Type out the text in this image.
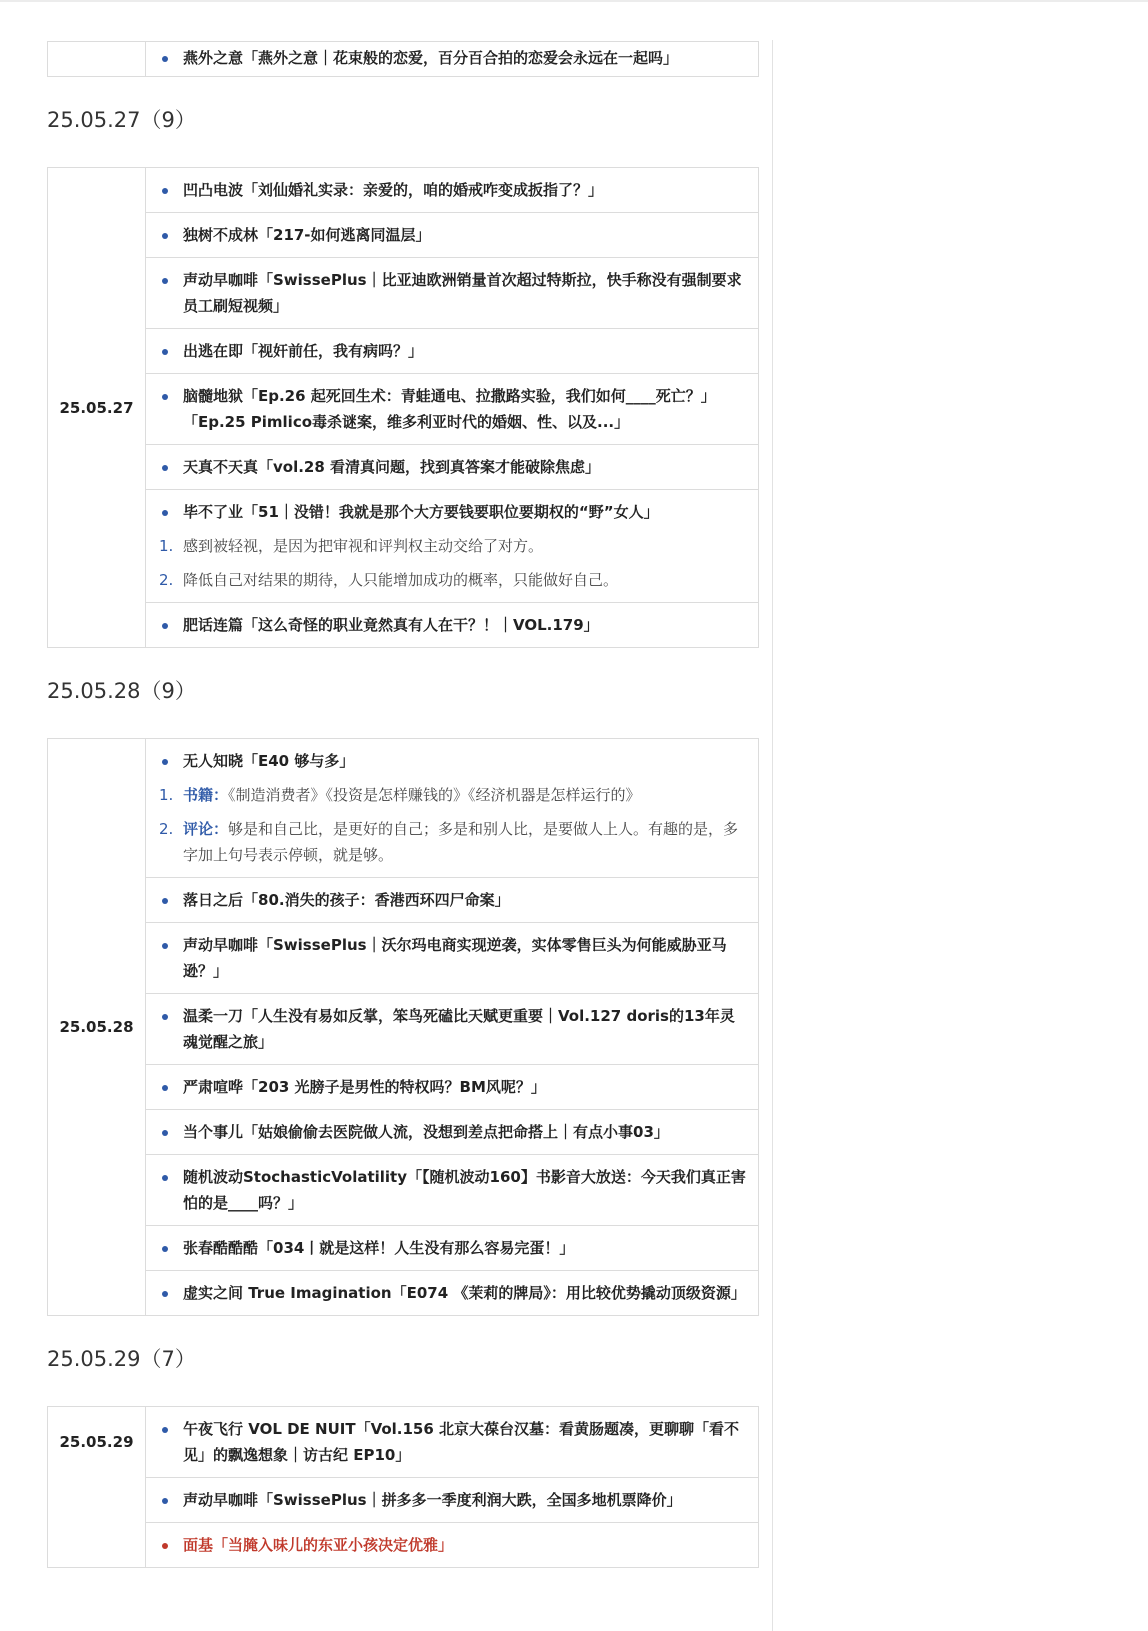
燕外之意「燕外之意｜花束般的恋爱，百分百合拍的恋爱会永远在一起吗」
25.05.27（9）
25.05.27	
凹凸电波「刘仙婚礼实录：亲爱的，咱的婚戒咋变成扳指了？」

独树不成林「217-如何逃离同温层」

声动早咖啡「SwissePlus｜比亚迪欧洲销量首次超过特斯拉，快手称没有强制要求员工刷短视频」

出逃在即「视奸前任，我有病吗？」

脑髓地狱「Ep.26 起死回生术：青蛙通电、拉撒路实验，我们如何____死亡？」
「Ep.25 Pimlico毒杀谜案，维多利亚时代的婚姻、性、以及...」

天真不天真「vol.28 看清真问题，找到真答案才能破除焦虑」

毕不了业「51｜没错！我就是那个大方要钱要职位要期权的“野”女人」
1. 感到被轻视，是因为把审视和评判权主动交给了对方。
2. 降低自己对结果的期待，人只能增加成功的概率，只能做好自己。

肥话连篇「这么奇怪的职业竟然真有人在干？！｜VOL.179」
25.05.28（9）
25.05.28	
无人知晓「E40 够与多」
1. 书籍：《制造消费者》《投资是怎样赚钱的》《经济机器是怎样运行的》
2. 评论：够是和自己比，是更好的自己；多是和别人比，是要做人上人。有趣的是，多字加上句号表示停顿，就是够。

落日之后「80.消失的孩子：香港西环四尸命案」

声动早咖啡「SwissePlus｜沃尔玛电商实现逆袭，实体零售巨头为何能威胁亚马逊？」

温柔一刀「人生没有易如反掌，笨鸟死磕比天赋更重要｜Vol.127 doris的13年灵魂觉醒之旅」

严肃喧哗「203 光膀子是男性的特权吗？BM风呢？」

当个事儿「姑娘偷偷去医院做人流，没想到差点把命搭上｜有点小事03」

随机波动StochasticVolatility「【随机波动160】书影音大放送：今天我们真正害怕的是____吗？」

张春酷酷酷「034丨就是这样！人生没有那么容易完蛋！」

虚实之间 True Imagination「E074 《茉莉的牌局》：用比较优势撬动顶级资源」
25.05.29（7）
25.05.29	
午夜飞行 VOL DE NUIT「Vol.156 北京大葆台汉墓：看黄肠题凑，更聊聊「看不见」的飘逸想象｜访古纪 EP10」

声动早咖啡「SwissePlus｜拼多多一季度利润大跌，全国多地机票降价」

面基「当腌入味儿的东亚小孩决定优雅」
